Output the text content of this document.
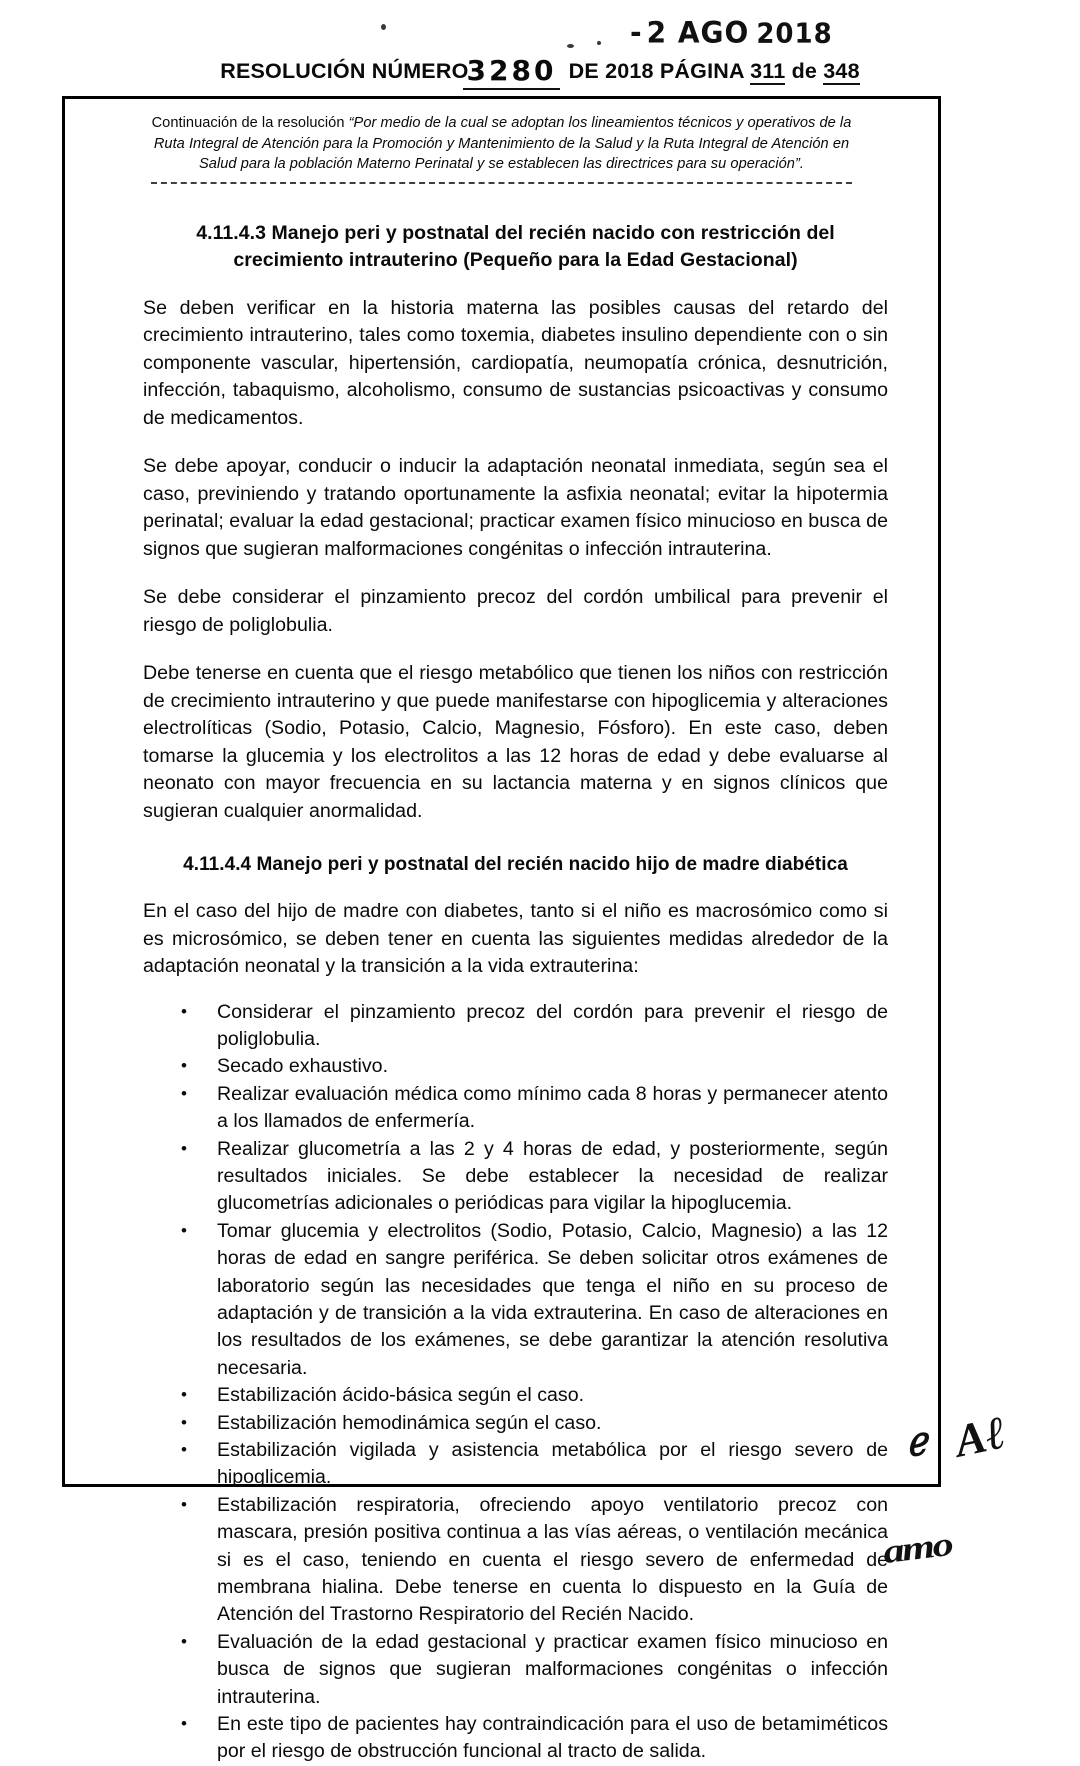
- 2 AGO 2018
RESOLUCIÓN NÚMERO3280 DE 2018 PÁGINA 311 de 348

Continuación de la resolución “Por medio de la cual se adoptan los lineamientos técnicos y operativos de la

Ruta Integral de Atención para la Promoción y Mantenimiento de la Salud y la Ruta Integral de Atención en

Salud para la población Materno Perinatal y se establecen las directrices para su operación”.

4.11.4.3 Manejo peri y postnatal del recién nacido con restricción del
crecimiento intrauterino (Pequeño para la Edad Gestacional)

Se deben verificar en la historia materna las posibles causas del retardo del crecimiento intrauterino, tales como toxemia, diabetes insulino dependiente con o sin componente vascular, hipertensión, cardiopatía, neumopatía crónica, desnutrición, infección, tabaquismo, alcoholismo, consumo de sustancias psicoactivas y consumo de medicamentos.

Se debe apoyar, conducir o inducir la adaptación neonatal inmediata, según sea el caso, previniendo y tratando oportunamente la asfixia neonatal; evitar la hipotermia perinatal; evaluar la edad gestacional; practicar examen físico minucioso en busca de signos que sugieran malformaciones congénitas o infección intrauterina.

Se debe considerar el pinzamiento precoz del cordón umbilical para prevenir el riesgo de poliglobulia.

Debe tenerse en cuenta que el riesgo metabólico que tienen los niños con restricción de crecimiento intrauterino y que puede manifestarse con hipoglicemia y alteraciones electrolíticas (Sodio, Potasio, Calcio, Magnesio, Fósforo). En este caso, deben tomarse la glucemia y los electrolitos a las 12 horas de edad y debe evaluarse al neonato con mayor frecuencia en su lactancia materna y en signos clínicos que sugieran cualquier anormalidad.

4.11.4.4 Manejo peri y postnatal del recién nacido hijo de madre diabética

En el caso del hijo de madre con diabetes, tanto si el niño es macrosómico como si es microsómico, se deben tener en cuenta las siguientes medidas alrededor de la adaptación neonatal y la transición a la vida extrauterina:

• Considerar el pinzamiento precoz del cordón para prevenir el riesgo de poliglobulia.
• Secado exhaustivo.
• Realizar evaluación médica como mínimo cada 8 horas y permanecer atento a los llamados de enfermería.
• Realizar glucometría a las 2 y 4 horas de edad, y posteriormente, según resultados iniciales. Se debe establecer la necesidad de realizar glucometrías adicionales o periódicas para vigilar la hipoglucemia.
• Tomar glucemia y electrolitos (Sodio, Potasio, Calcio, Magnesio) a las 12 horas de edad en sangre periférica. Se deben solicitar otros exámenes de laboratorio según las necesidades que tenga el niño en su proceso de adaptación y de transición a la vida extrauterina. En caso de alteraciones en los resultados de los exámenes, se debe garantizar la atención resolutiva necesaria.
• Estabilización ácido-básica según el caso.
• Estabilización hemodinámica según el caso.
• Estabilización vigilada y asistencia metabólica por el riesgo severo de hipoglicemia.
• Estabilización respiratoria, ofreciendo apoyo ventilatorio precoz con mascara, presión positiva continua a las vías aéreas, o ventilación mecánica si es el caso, teniendo en cuenta el riesgo severo de enfermedad de membrana hialina. Debe tenerse en cuenta lo dispuesto en la Guía de Atención del Trastorno Respiratorio del Recién Nacido.
• Evaluación de la edad gestacional y practicar examen físico minucioso en busca de signos que sugieran malformaciones congénitas o infección intrauterina.
• En este tipo de pacientes hay contraindicación para el uso de betamiméticos por el riesgo de obstrucción funcional al tracto de salida.
ℯ Αℓ
amo
